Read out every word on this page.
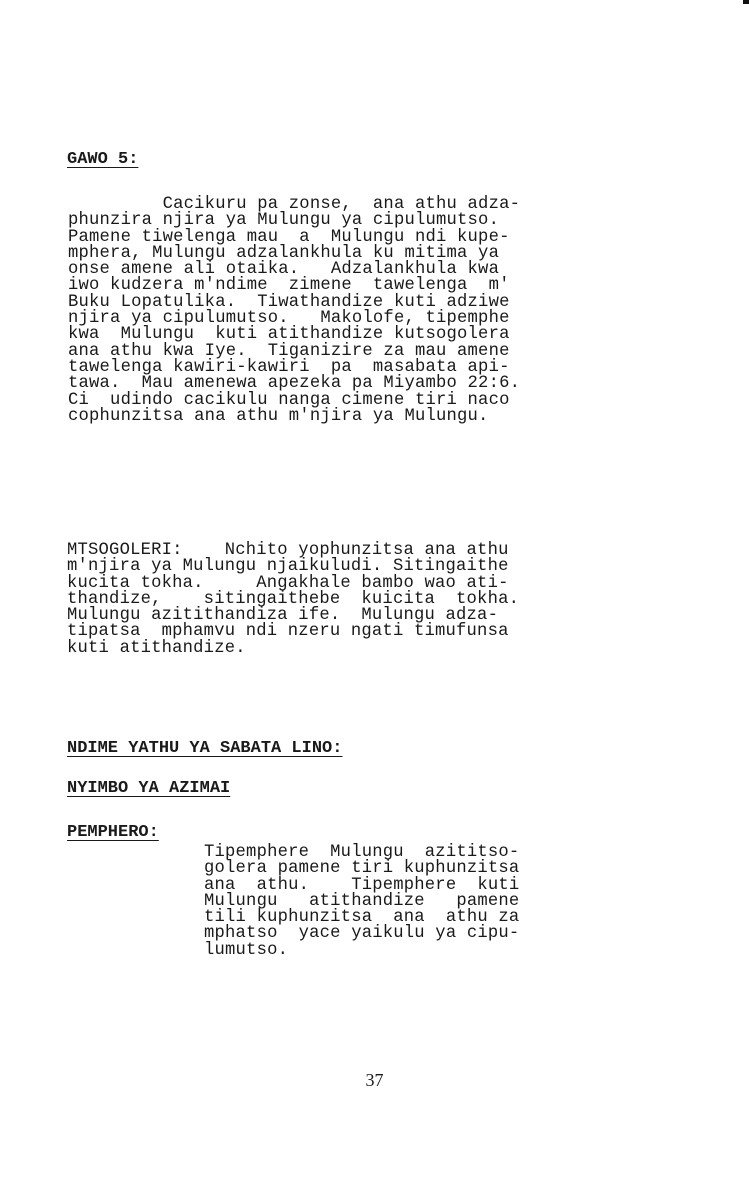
GAWO 5:
Cacikuru pa zonse,  ana athu adza-
phunzira njira ya Mulungu ya cipulumutso.
Pamene tiwelenga mau  a  Mulungu ndi kupe-
mphera, Mulungu adzalankhula ku mitima ya
onse amene ali otaika.   Adzalankhula kwa
iwo kudzera m'ndime  zimene  tawelenga  m'
Buku Lopatulika.  Tiwathandize kuti adziwe
njira ya cipulumutso.   Makolofe, tipemphe
kwa  Mulungu  kuti atithandize kutsogolera
ana athu kwa Iye.  Tiganizire za mau amene
tawelenga kawiri-kawiri  pa  masabata api-
tawa.  Mau amenewa apezeka pa Miyambo 22:6.
Ci  udindo cacikulu nanga cimene tiri naco
cophunzitsa ana athu m'njira ya Mulungu.
MTSOGOLERI:    Nchito yophunzitsa ana athu
m'njira ya Mulungu njaikuludi. Sitingaithe
kucita tokha.     Angakhale bambo wao ati-
thandize,    sitingaithebe  kuicita  tokha.
Mulungu azitithandiza ife.  Mulungu adza-
tipatsa  mphamvu ndi nzeru ngati timufunsa
kuti atithandize.
NDIME YATHU YA SABATA LINO:
NYIMBO YA AZIMAI
PEMPHERO:
Tipemphere  Mulungu  azititso-
golera pamene tiri kuphunzitsa
ana  athu.    Tipemphere  kuti
Mulungu   atithandize   pamene
tili kuphunzitsa  ana  athu za
mphatso  yace yaikulu ya cipu-
lumutso.

37
